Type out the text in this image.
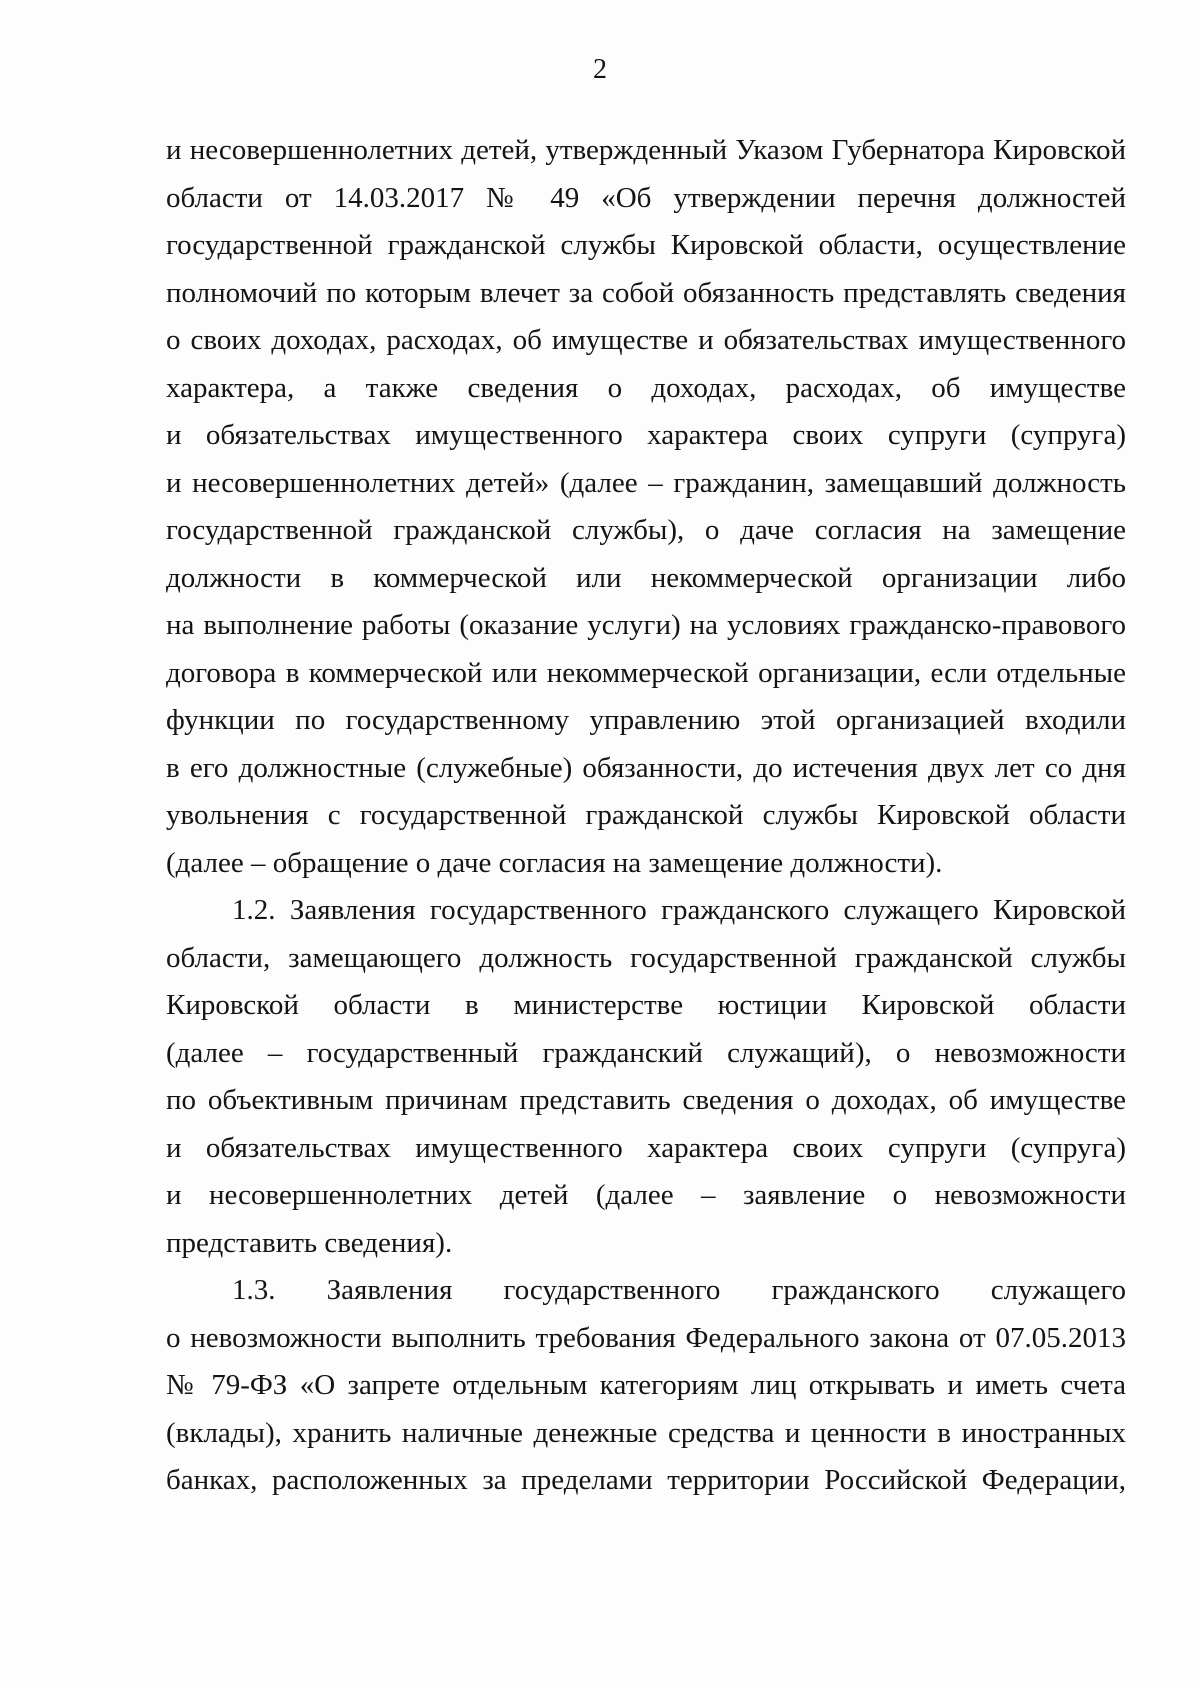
2
и несовершеннолетних детей, утвержденный Указом Губернатора Кировской
области от 14.03.2017 № 49 «Об утверждении перечня должностей
государственной гражданской службы Кировской области, осуществление
полномочий по которым влечет за собой обязанность представлять сведения
о своих доходах, расходах, об имуществе и обязательствах имущественного
характера, а также сведения о доходах, расходах, об имуществе
и обязательствах имущественного характера своих супруги (супруга)
и несовершеннолетних детей» (далее – гражданин, замещавший должность
государственной гражданской службы), о даче согласия на замещение
должности в коммерческой или некоммерческой организации либо
на выполнение работы (оказание услуги) на условиях гражданско-правового
договора в коммерческой или некоммерческой организации, если отдельные
функции по государственному управлению этой организацией входили
в его должностные (служебные) обязанности, до истечения двух лет со дня
увольнения с государственной гражданской службы Кировской области
(далее – обращение о даче согласия на замещение должности).
1.2. Заявления государственного гражданского служащего Кировской
области, замещающего должность государственной гражданской службы
Кировской области в министерстве юстиции Кировской области
(далее – государственный гражданский служащий), о невозможности
по объективным причинам представить сведения о доходах, об имуществе
и обязательствах имущественного характера своих супруги (супруга)
и несовершеннолетних детей (далее – заявление о невозможности
представить сведения).
1.3. Заявления государственного гражданского служащего
о невозможности выполнить требования Федерального закона от 07.05.2013
№ 79-ФЗ «О запрете отдельным категориям лиц открывать и иметь счета
(вклады), хранить наличные денежные средства и ценности в иностранных
банках, расположенных за пределами территории Российской Федерации,
